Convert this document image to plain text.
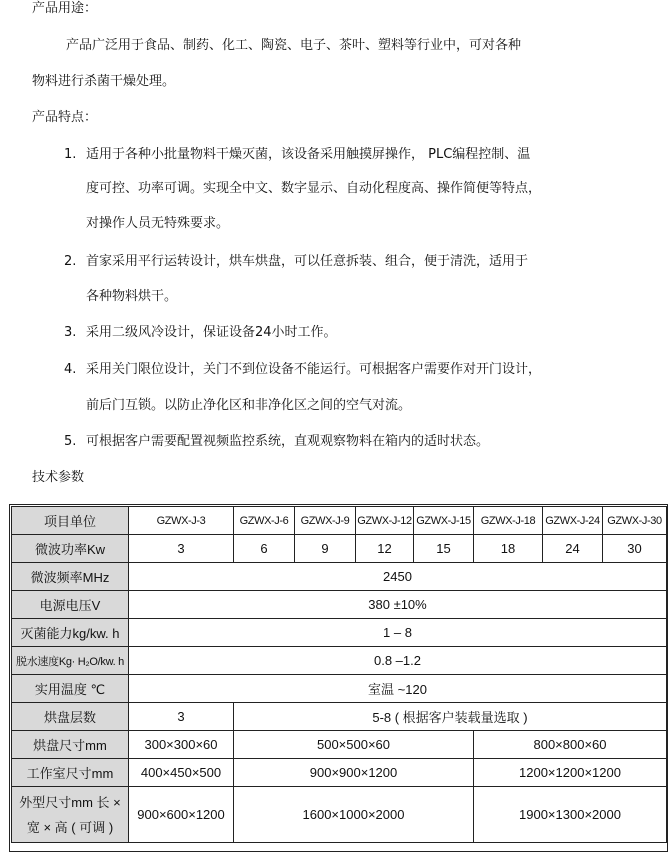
产品用途：
产品广泛用于食品、制药、化工、陶瓷、电子、茶叶、塑料等行业中，可对各种
物料进行杀菌干燥处理。
产品特点：
1. 适用于各种小批量物料干燥灭菌，该设备采用触摸屏操作， PLC编程控制、温
度可控、功率可调。实现全中文、数字显示、自动化程度高、操作简便等特点，
对操作人员无特殊要求。
2. 首家采用平行运转设计，烘车烘盘，可以任意拆装、组合，便于清洗，适用于
各种物料烘干。
3. 采用二级风冷设计，保证设备24小时工作。
4. 采用关门限位设计，关门不到位设备不能运行。可根据客户需要作对开门设计，
前后门互锁。以防止净化区和非净化区之间的空气对流。
5. 可根据客户需要配置视频监控系统，直观观察物料在箱内的适时状态。
技术参数
项目单位	GZWX-J-3	GZWX-J-6	GZWX-J-9	GZWX-J-12	GZWX-J-15	GZWX-J-18	GZWX-J-24	GZWX-J-30
微波功率Kw	3	6	9	12	15	18	24	30
微波频率MHz	2450							
电源电压V	380 ±10%							
灭菌能力kg/kw. h	1 – 8							
脱水速度Kg· H₂O/kw. h	0.8 –1.2							
实用温度 ℃	室温 ~120							
烘盘层数	3	5-8 ( 根据客户装载量选取 )						
烘盘尺寸mm	300×300×60	500×500×60				800×800×60		
工作室尺寸mm	400×450×500	900×900×1200				1200×1200×1200		
外型尺寸mm 长 ×
宽 × 高 ( 可调 )	900×600×1200	1600×1000×2000				1900×1300×2000		
